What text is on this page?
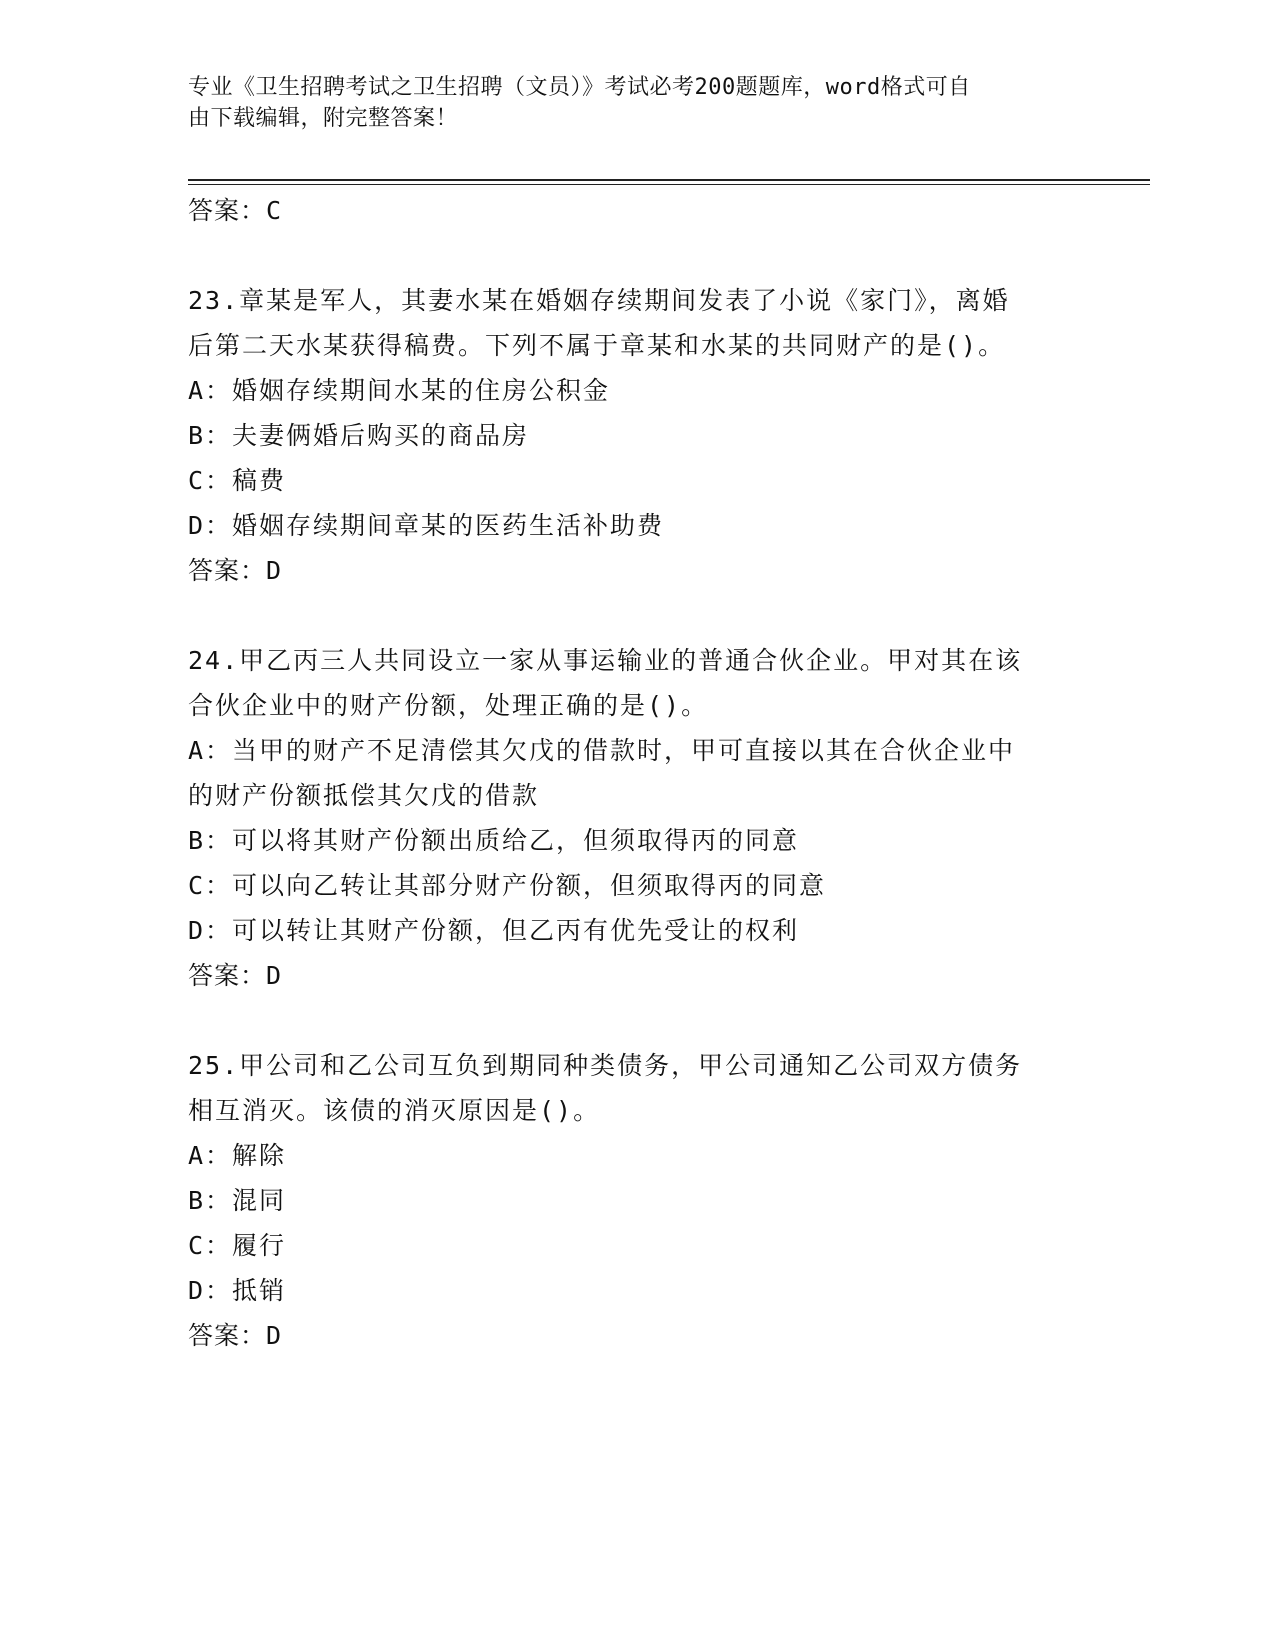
专业《卫生招聘考试之卫生招聘（文员）》考试必考200题题库，word格式可自
由下载编辑，附完整答案！
答案：C
23.章某是军人，其妻水某在婚姻存续期间发表了小说《家门》，离婚
后第二天水某获得稿费。下列不属于章某和水某的共同财产的是()。
A：婚姻存续期间水某的住房公积金
B：夫妻俩婚后购买的商品房
C：稿费
D：婚姻存续期间章某的医药生活补助费
答案：D
24.甲乙丙三人共同设立一家从事运输业的普通合伙企业。甲对其在该
合伙企业中的财产份额，处理正确的是()。
A：当甲的财产不足清偿其欠戊的借款时，甲可直接以其在合伙企业中
的财产份额抵偿其欠戊的借款
B：可以将其财产份额出质给乙，但须取得丙的同意
C：可以向乙转让其部分财产份额，但须取得丙的同意
D：可以转让其财产份额，但乙丙有优先受让的权利
答案：D
25.甲公司和乙公司互负到期同种类债务，甲公司通知乙公司双方债务
相互消灭。该债的消灭原因是()。
A：解除
B：混同
C：履行
D：抵销
答案：D
